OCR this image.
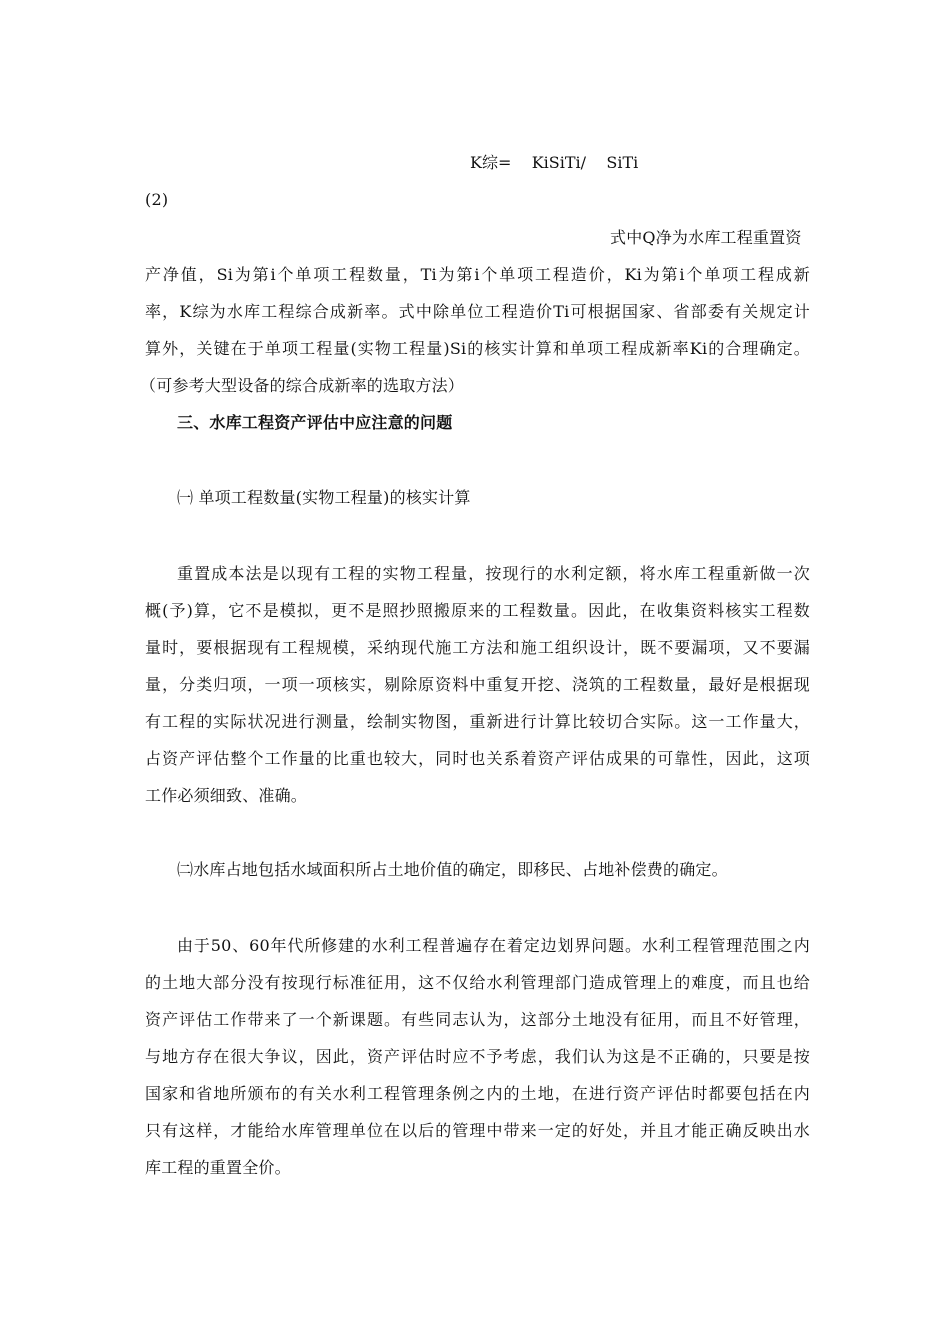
K综=    KiSiTi/    SiTi
(2)
式中Q净为水库工程重置资
产净值，Si为第i个单项工程数量，Ti为第i个单项工程造价，Ki为第i个单项工程成新
率，K综为水库工程综合成新率。式中除单位工程造价Ti可根据国家、省部委有关规定计
算外，关键在于单项工程量(实物工程量)Si的核实计算和单项工程成新率Ki的合理确定。
（可参考大型设备的综合成新率的选取方法）
三、水库工程资产评估中应注意的问题
㈠ 单项工程数量(实物工程量)的核实计算
重置成本法是以现有工程的实物工程量，按现行的水利定额，将水库工程重新做一次
概(予)算，它不是模拟，更不是照抄照搬原来的工程数量。因此，在收集资料核实工程数
量时，要根据现有工程规模，采纳现代施工方法和施工组织设计，既不要漏项，又不要漏
量，分类归项，一项一项核实，剔除原资料中重复开挖、浇筑的工程数量，最好是根据现
有工程的实际状况进行测量，绘制实物图，重新进行计算比较切合实际。这一工作量大，
占资产评估整个工作量的比重也较大，同时也关系着资产评估成果的可靠性，因此，这项
工作必须细致、准确。
㈡水库占地包括水域面积所占土地价值的确定，即移民、占地补偿费的确定。
由于50、60年代所修建的水利工程普遍存在着定边划界问题。水利工程管理范围之内
的土地大部分没有按现行标准征用，这不仅给水利管理部门造成管理上的难度，而且也给
资产评估工作带来了一个新课题。有些同志认为，这部分土地没有征用，而且不好管理，
与地方存在很大争议，因此，资产评估时应不予考虑，我们认为这是不正确的，只要是按
国家和省地所颁布的有关水利工程管理条例之内的土地，在进行资产评估时都要包括在内
只有这样，才能给水库管理单位在以后的管理中带来一定的好处，并且才能正确反映出水
库工程的重置全价。
